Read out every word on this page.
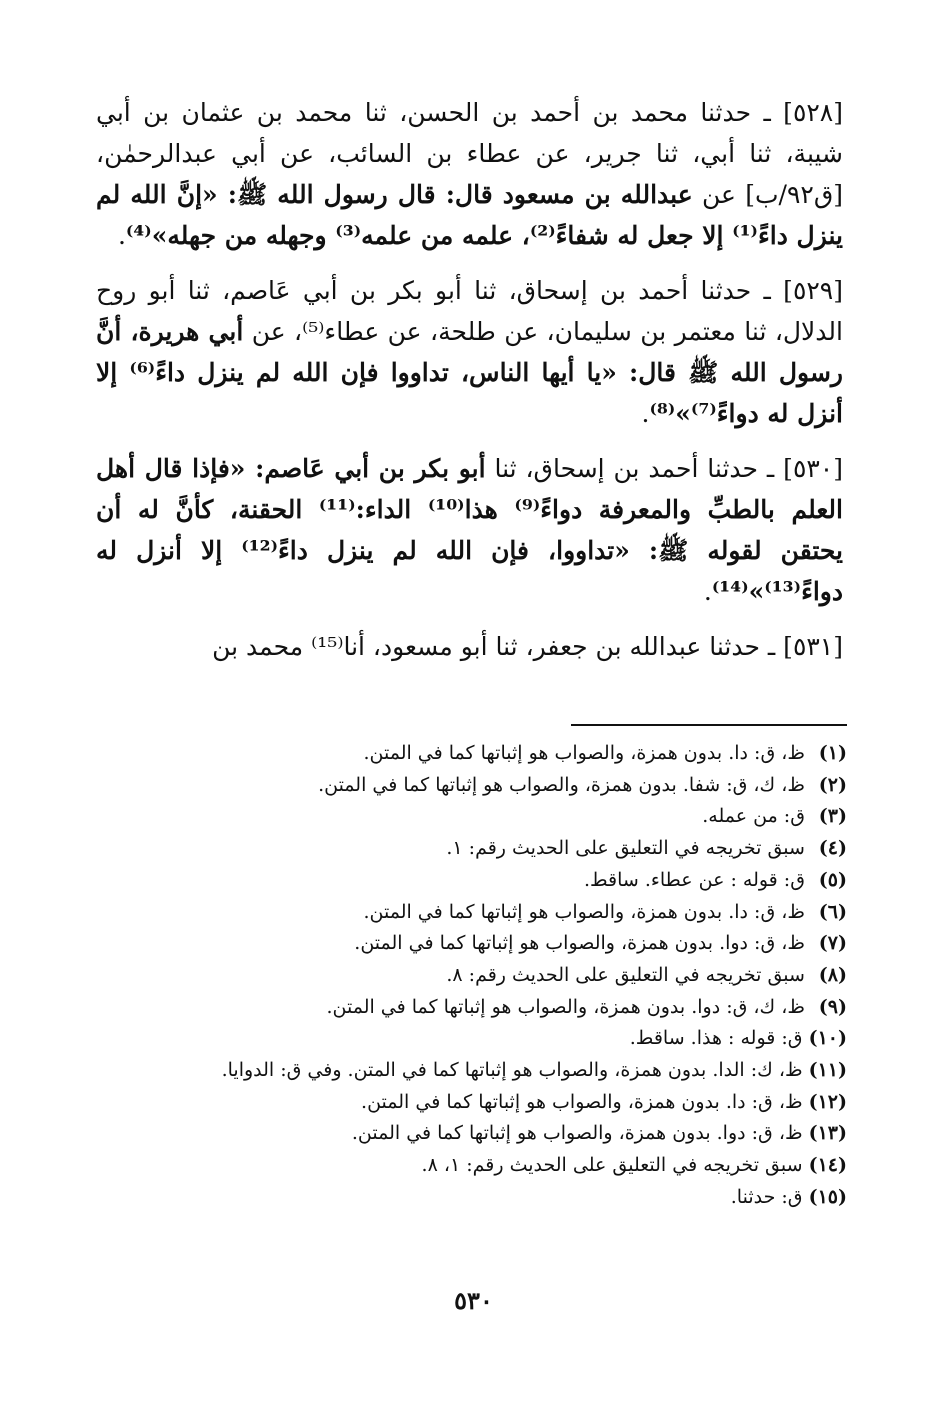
[٥٢٨] ـ حدثنا محمد بن أحمد بن الحسن، ثنا محمد بن عثمان بن أبي شيبة، ثنا أبي، ثنا جرير، عن عطاء بن السائب، عن أبي عبدالرحمٰن، [ق٩٢/ب] عن عبدالله بن مسعود قال: قال رسول الله ﷺ: «إنَّ الله لم ينزل داءً⁽¹⁾ إلا جعل له شفاءً⁽²⁾، علمه من علمه⁽³⁾ وجهله من جهله»⁽⁴⁾.

[٥٢٩] ـ حدثنا أحمد بن إسحاق، ثنا أبو بكر بن أبي عَاصم، ثنا أبو روح الدلال، ثنا معتمر بن سليمان، عن طلحة، عن عطاء⁽⁵⁾، عن أبي هريرة، أنَّ رسول الله ﷺ قال: «يا أيها الناس، تداووا فإن الله لم ينزل داءً⁽⁶⁾ إلا أنزل له دواءً⁽⁷⁾»⁽⁸⁾.

[٥٣٠] ـ حدثنا أحمد بن إسحاق، ثنا أبو بكر بن أبي عَاصم: «فإذا قال أهل العلم بالطبِّ والمعرفة دواءً⁽⁹⁾ هذا⁽¹⁰⁾ الداء:⁽¹¹⁾ الحقنة، كأنَّ له أن يحتقن لقوله ﷺ: «تداووا، فإن الله لم ينزل داءً⁽¹²⁾ إلا أنزل له دواءً⁽¹³⁾»⁽¹⁴⁾.

[٥٣١] ـ حدثنا عبدالله بن جعفر، ثنا أبو مسعود، أنا⁽¹⁵⁾ محمد بن

(١) ظ، ق: دا. بدون همزة، والصواب هو إثباتها كما في المتن.
(٢) ظ، ك، ق: شفا. بدون همزة، والصواب هو إثباتها كما في المتن.
(٣) ق: من عمله.
(٤) سبق تخريجه في التعليق على الحديث رقم: ١.
(٥) ق: قوله : عن عطاء. ساقط.
(٦) ظ، ق: دا. بدون همزة، والصواب هو إثباتها كما في المتن.
(٧) ظ، ق: دوا. بدون همزة، والصواب هو إثباتها كما في المتن.
(٨) سبق تخريجه في التعليق على الحديث رقم: ٨.
(٩) ظ، ك، ق: دوا. بدون همزة، والصواب هو إثباتها كما في المتن.
(١٠) ق: قوله : هذا. ساقط.
(١١) ظ، ك: الدا. بدون همزة، والصواب هو إثباتها كما في المتن. وفي ق: الدوايا.
(١٢) ظ، ق: دا. بدون همزة، والصواب هو إثباتها كما في المتن.
(١٣) ظ، ق: دوا. بدون همزة، والصواب هو إثباتها كما في المتن.
(١٤) سبق تخريجه في التعليق على الحديث رقم: ١، ٨.
(١٥) ق: حدثنا.
٥٣٠
